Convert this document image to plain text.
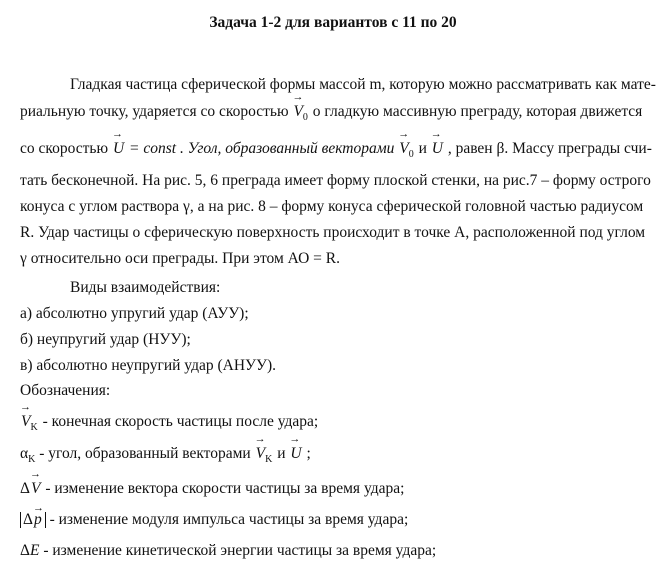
Задача 1-2 для вариантов с 11 по 20
Гладкая частица сферической формы массой m, которую можно рассматривать как мате-
риальную точку, ударяется со скоростью → $V_0$ о гладкую массивную преграду, которая движется
со скоростью → U = const . Угол, образованный векторами → $V_0$ и → U , равен β. Массу преграды счи-
тать бесконечной. На рис. 5, 6 преграда имеет форму плоской стенки, на рис.7 – форму острого
конуса с углом раствора γ, а на рис. 8 – форму конуса сферической головной частью радиусом
R. Удар частицы о сферическую поверхность происходит в точке А, расположенной под углом
γ относительно оси преграды. При этом АО = R.
Виды взаимодействия:
а) абсолютно упругий удар (АУУ);
б) неупругий удар (НУУ);
в) абсолютно неупругий удар (АНУУ).
Обозначения:
→ $V_K$ - конечная скорость частицы после удара;
$\alpha_K$ - угол, образованный векторами → $V_K$ и → U ;
Δ→ V - изменение вектора скорости частицы за время удара;
Δ→ p - изменение модуля импульса частицы за время удара;
ΔE - изменение кинетической энергии частицы за время удара;
